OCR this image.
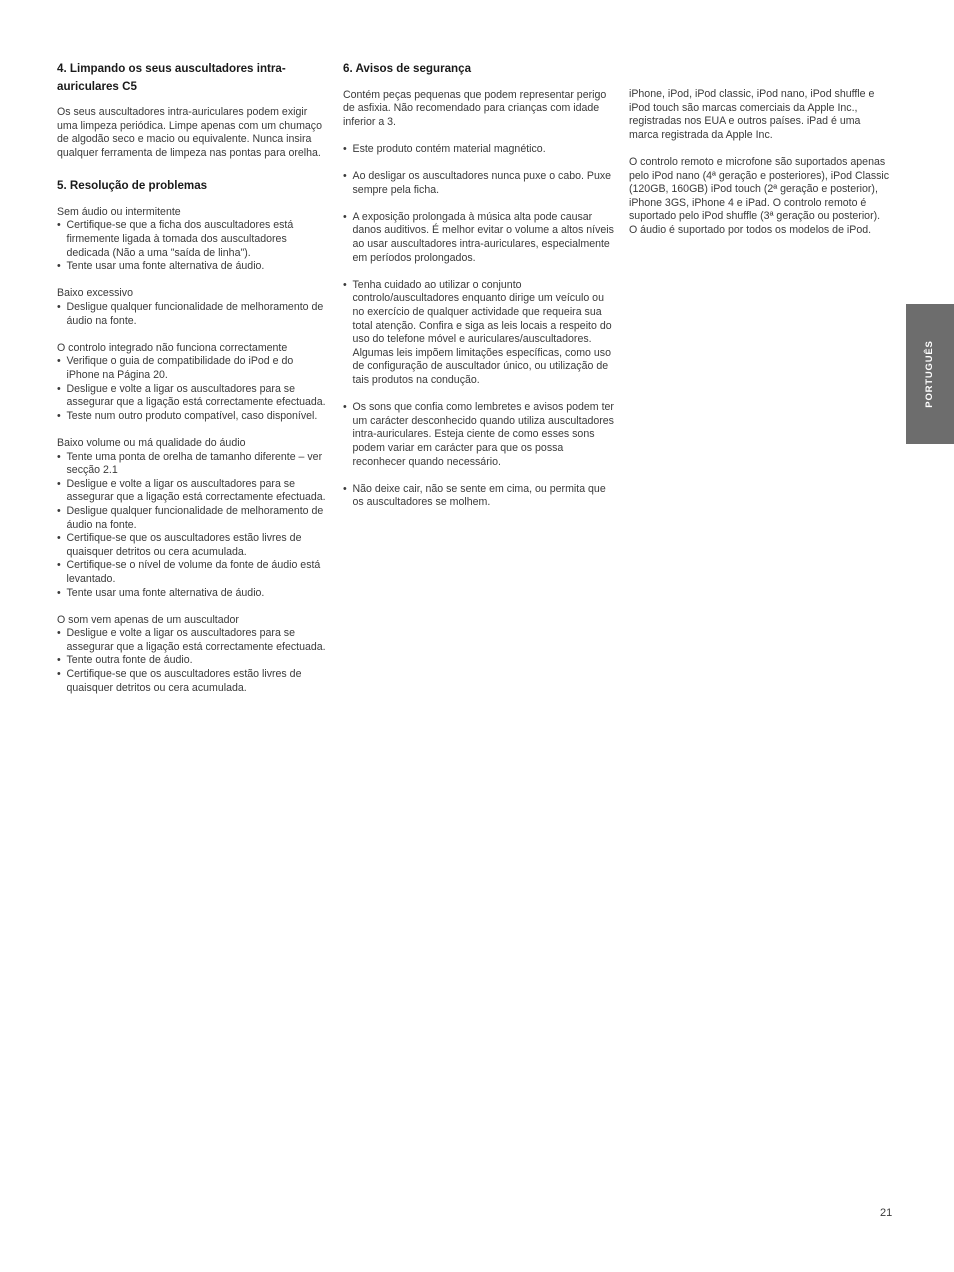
4. Limpando os seus auscultadores intra-auriculares C5

Os seus auscultadores intra-auriculares podem exigir uma limpeza periódica. Limpe apenas com um chumaço de algodão seco e macio ou equivalente. Nunca insira qualquer ferramenta de limpeza nas pontas para orelha.

5. Resolução de problemas

Sem áudio ou intermitente

• Certifique-se que a ficha dos auscultadores está firmemente ligada à tomada dos auscultadores dedicada (Não a uma "saída de linha").
• Tente usar uma fonte alternativa de áudio.

Baixo excessivo

• Desligue qualquer funcionalidade de melhoramento de áudio na fonte.

O controlo integrado não funciona correctamente

• Verifique o guia de compatibilidade do iPod e do iPhone na Página 20.
• Desligue e volte a ligar os auscultadores para se assegurar que a ligação está correctamente efectuada.
• Teste num outro produto compatível, caso disponível.

Baixo volume ou má qualidade do áudio

• Tente uma ponta de orelha de tamanho diferente – ver secção 2.1
• Desligue e volte a ligar os auscultadores para se assegurar que a ligação está correctamente efectuada.
• Desligue qualquer funcionalidade de melhoramento de áudio na fonte.
• Certifique-se que os auscultadores estão livres de quaisquer detritos ou cera acumulada.
• Certifique-se o nível de volume da fonte de áudio está levantado.
• Tente usar uma fonte alternativa de áudio.

O som vem apenas de um auscultador

• Desligue e volte a ligar os auscultadores para se assegurar que a ligação está correctamente efectuada.
• Tente outra fonte de áudio.
• Certifique-se que os auscultadores estão livres de quaisquer detritos ou cera acumulada.
6. Avisos de segurança

Contém peças pequenas que podem representar perigo de asfixia. Não recomendado para crianças com idade inferior a 3.

• Este produto contém material magnético.
• Ao desligar os auscultadores nunca puxe o cabo. Puxe sempre pela ficha.
• A exposição prolongada à música alta pode causar danos auditivos. É melhor evitar o volume a altos níveis ao usar auscultadores intra-auriculares, especialmente em períodos prolongados.
• Tenha cuidado ao utilizar o conjunto controlo/auscultadores enquanto dirige um veículo ou no exercício de qualquer actividade que requeira sua total atenção. Confira e siga as leis locais a respeito do uso do telefone móvel e auriculares/auscultadores. Algumas leis impõem limitações específicas, como uso de configuração de auscultador único, ou utilização de tais produtos na condução.
• Os sons que confia como lembretes e avisos podem ter um carácter desconhecido quando utiliza auscultadores intra-auriculares. Esteja ciente de como esses sons podem variar em carácter para que os possa reconhecer quando necessário.
• Não deixe cair, não se sente em cima, ou permita que os auscultadores se molhem.

iPhone, iPod, iPod classic, iPod nano, iPod shuffle e iPod touch são marcas comerciais da Apple Inc., registradas nos EUA e outros países. iPad é uma marca registrada da Apple Inc.

O controlo remoto e microfone são suportados apenas pelo iPod nano (4ª geração e posteriores), iPod Classic (120GB, 160GB) iPod touch (2ª geração e posterior), iPhone 3GS, iPhone 4 e iPad. O controlo remoto é suportado pelo iPod shuffle (3ª geração ou posterior). O áudio é suportado por todos os modelos de iPod.

PORTUGUÊS
21
